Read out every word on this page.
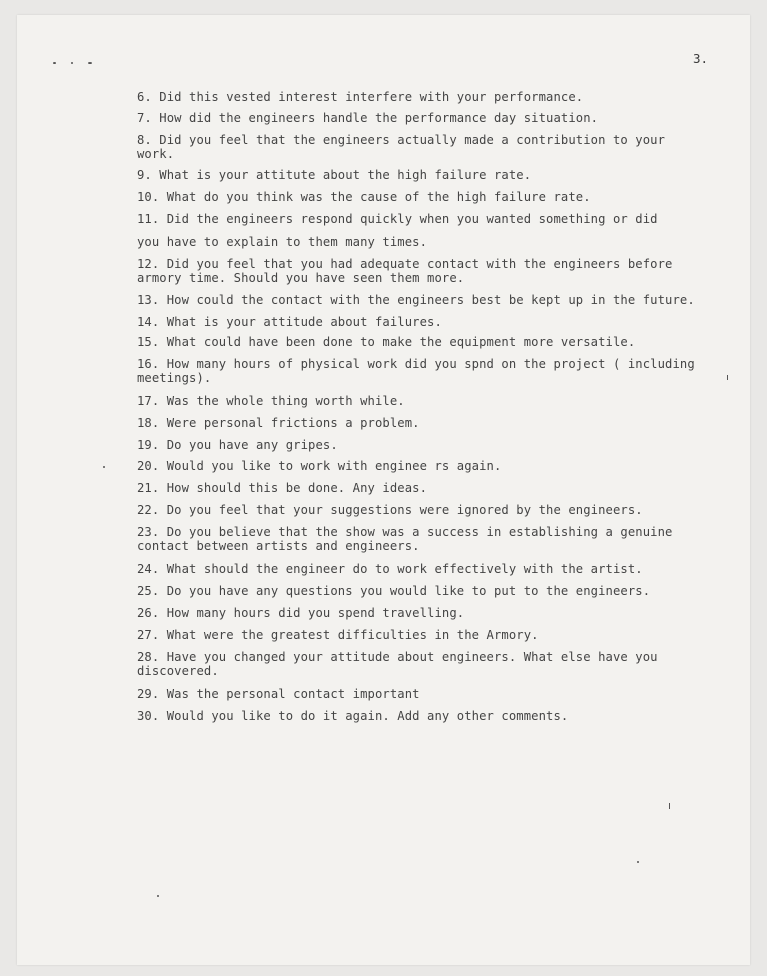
3.
6. Did this vested interest interfere with your performance.
7. How did the engineers handle the performance day situation.
8. Did you feel that the engineers actually made a contribution to your
work.
9. What is your attitute about the high failure rate.
10. What do you think was the cause of the high failure rate.
11. Did the engineers respond quickly when you wanted something or did
you have to explain to them many times.
12. Did you feel that you had adequate contact with the engineers before
armory time. Should you have seen them more.
13. How could the contact with the engineers best be kept up in the future.
14. What is your attitude about failures.
15. What could have been done to make the equipment more versatile.
16. How many hours of physical work did you spnd on the project ( including
meetings).
17. Was the whole thing worth while.
18. Were personal frictions a problem.
19. Do you have any gripes.
20. Would you like to work with enginee rs again.
21. How should this be done. Any ideas.
22. Do you feel that your suggestions were ignored by the engineers.
23. Do you believe that the show was a success in establishing a genuine
contact between artists and engineers.
24. What should the engineer do to work effectively with the artist.
25. Do you have any questions you would like to put to the engineers.
26. How many hours did you spend travelling.
27. What were the greatest difficulties in the Armory.
28. Have you changed your attitude about engineers. What else have you
discovered.
29. Was the personal contact important
30. Would you like to do it again. Add any other comments.
